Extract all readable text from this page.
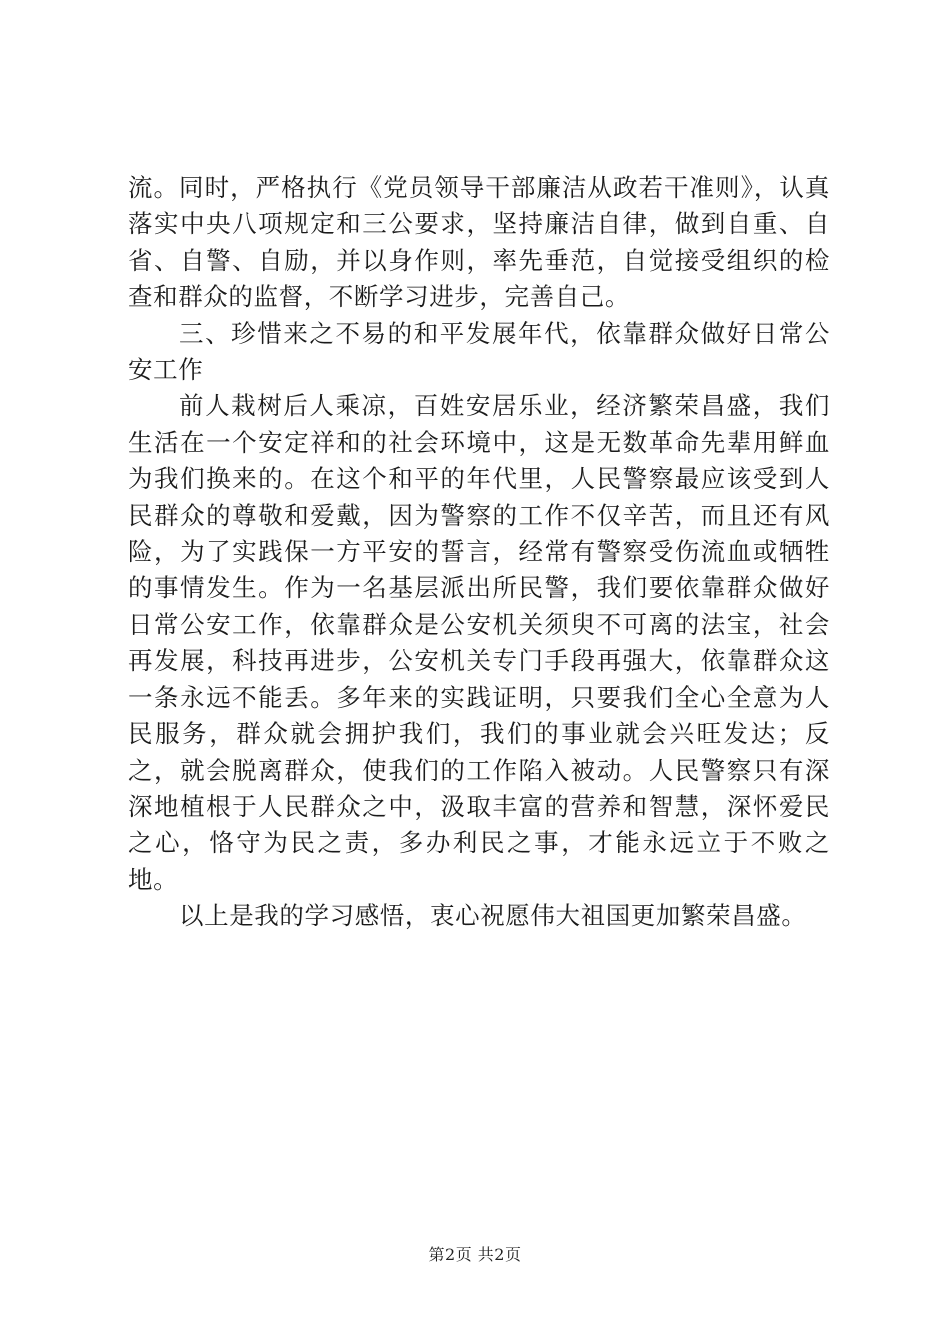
流。同时，严格执行《党员领导干部廉洁从政若干准则》，认真落实中央八项规定和三公要求，坚持廉洁自律，做到自重、自省、自警、自励，并以身作则，率先垂范，自觉接受组织的检查和群众的监督，不断学习进步，完善自己。

三、珍惜来之不易的和平发展年代，依靠群众做好日常公安工作

前人栽树后人乘凉，百姓安居乐业，经济繁荣昌盛，我们生活在一个安定祥和的社会环境中，这是无数革命先辈用鲜血为我们换来的。在这个和平的年代里，人民警察最应该受到人民群众的尊敬和爱戴，因为警察的工作不仅辛苦，而且还有风险，为了实践保一方平安的誓言，经常有警察受伤流血或牺牲的事情发生。作为一名基层派出所民警，我们要依靠群众做好日常公安工作，依靠群众是公安机关须臾不可离的法宝，社会再发展，科技再进步，公安机关专门手段再强大，依靠群众这一条永远不能丢。多年来的实践证明，只要我们全心全意为人民服务，群众就会拥护我们，我们的事业就会兴旺发达；反之，就会脱离群众，使我们的工作陷入被动。人民警察只有深深地植根于人民群众之中，汲取丰富的营养和智慧，深怀爱民之心，恪守为民之责，多办利民之事，才能永远立于不败之地。

以上是我的学习感悟，衷心祝愿伟大祖国更加繁荣昌盛。

第2页 共2页
